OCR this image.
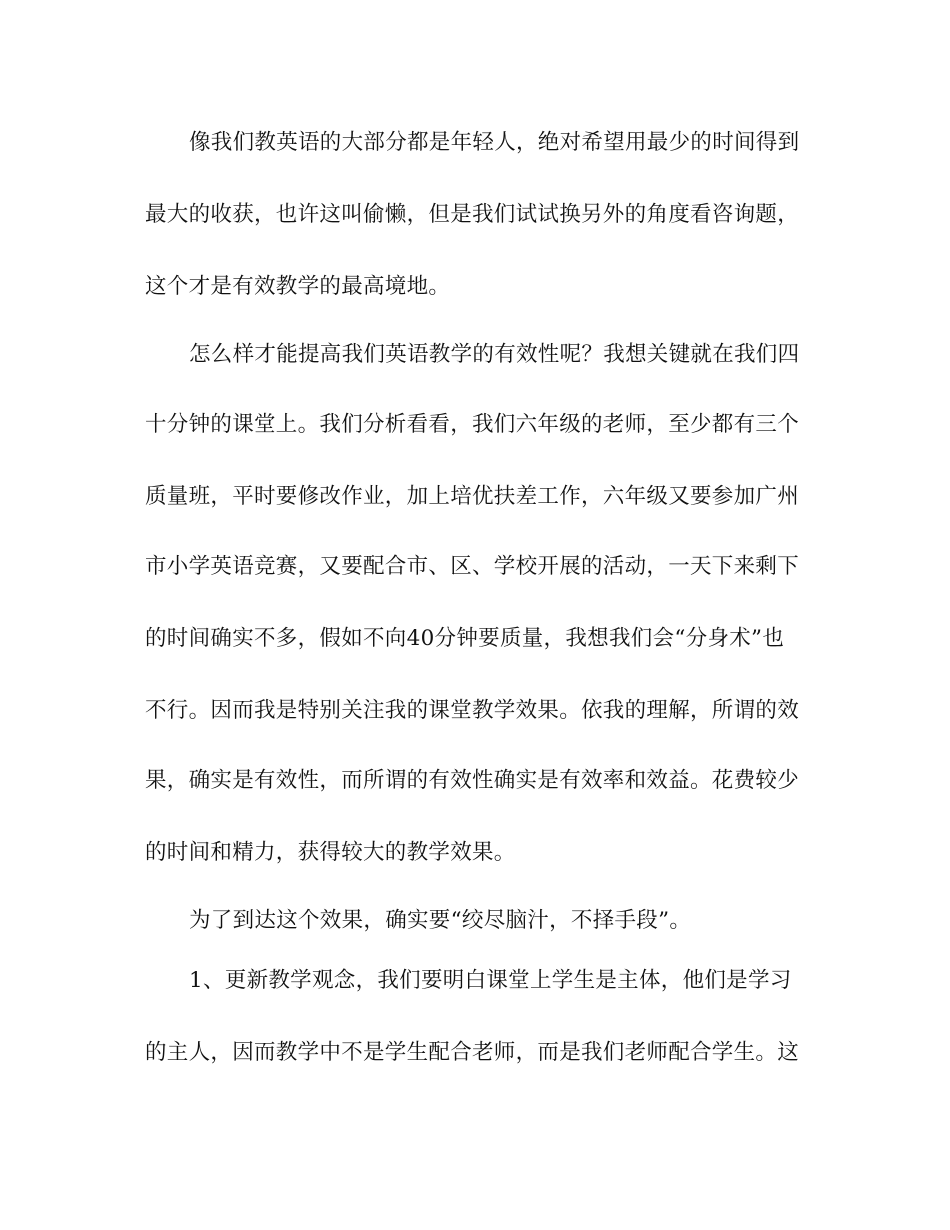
像我们教英语的大部分都是年轻人，绝对希望用最少的时间得到
最大的收获，也许这叫偷懒，但是我们试试换另外的角度看咨询题，
这个才是有效教学的最高境地。
怎么样才能提高我们英语教学的有效性呢？我想关键就在我们四
十分钟的课堂上。我们分析看看，我们六年级的老师，至少都有三个
质量班，平时要修改作业，加上培优扶差工作，六年级又要参加广州
市小学英语竞赛，又要配合市、区、学校开展的活动，一天下来剩下
的时间确实不多，假如不向40分钟要质量，我想我们会“分身术”也
不行。因而我是特别关注我的课堂教学效果。依我的理解，所谓的效
果，确实是有效性，而所谓的有效性确实是有效率和效益。花费较少
的时间和精力，获得较大的教学效果。
为了到达这个效果，确实要“绞尽脑汁，不择手段”。
1、更新教学观念，我们要明白课堂上学生是主体，他们是学习
的主人，因而教学中不是学生配合老师，而是我们老师配合学生。这
